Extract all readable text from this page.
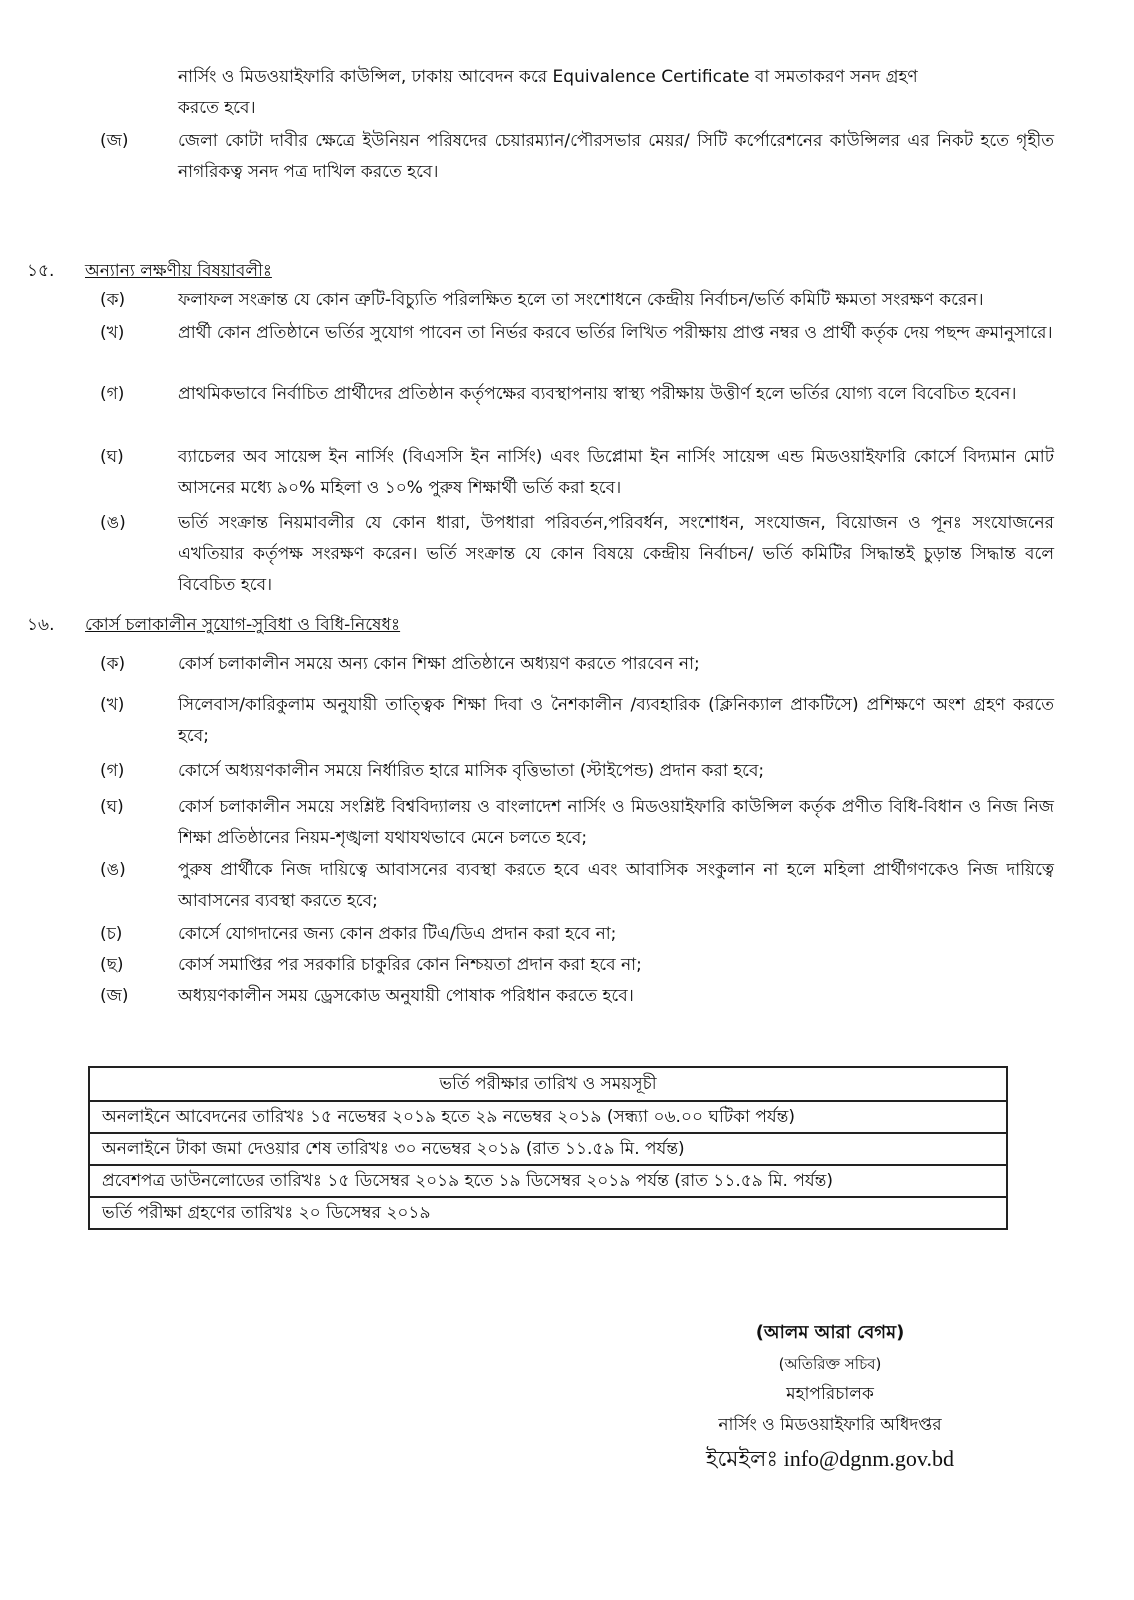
নার্সিং ও মিডওয়াইফারি কাউন্সিল, ঢাকায় আবেদন করে Equivalence Certificate বা সমতাকরণ সনদ গ্রহণ
করতে হবে।
(জ)	জেলা কোটা দাবীর ক্ষেত্রে ইউনিয়ন পরিষদের চেয়ারম্যান/পৌরসভার মেয়র/ সিটি কর্পোরেশনের কাউন্সিলর এর নিকট হতে গৃহীত নাগরিকত্ব সনদ পত্র দাখিল করতে হবে।
১৫. অন্যান্য লক্ষণীয় বিষয়াবলীঃ
(ক)	ফলাফল সংক্রান্ত যে কোন ত্রুটি-বিচ্যুতি পরিলক্ষিত হলে তা সংশোধনে কেন্দ্রীয় নির্বাচন/ভর্তি কমিটি ক্ষমতা সংরক্ষণ করেন।
(খ)	প্রার্থী কোন প্রতিষ্ঠানে ভর্তির সুযোগ পাবেন তা নির্ভর করবে ভর্তির লিখিত পরীক্ষায় প্রাপ্ত নম্বর ও প্রার্থী কর্তৃক দেয় পছন্দ ক্রমানুসারে।
(গ)	প্রাথমিকভাবে নির্বাচিত প্রার্থীদের প্রতিষ্ঠান কর্তৃপক্ষের ব্যবস্থাপনায় স্বাস্থ্য পরীক্ষায় উত্তীর্ণ হলে ভর্তির যোগ্য বলে বিবেচিত হবেন।
(ঘ)	ব্যাচেলর অব সায়েন্স ইন নার্সিং (বিএসসি ইন নার্সিং) এবং ডিপ্লোমা ইন নার্সিং সায়েন্স এন্ড মিডওয়াইফারি কোর্সে বিদ্যমান মোট আসনের মধ্যে ৯০% মহিলা ও ১০% পুরুষ শিক্ষার্থী ভর্তি করা হবে।
(ঙ)	ভর্তি সংক্রান্ত নিয়মাবলীর যে কোন ধারা, উপধারা পরিবর্তন,পরিবর্ধন, সংশোধন, সংযোজন, বিয়োজন ও পূনঃ সংযোজনের এখতিয়ার কর্তৃপক্ষ সংরক্ষণ করেন। ভর্তি সংক্রান্ত যে কোন বিষয়ে কেন্দ্রীয় নির্বাচন/ ভর্তি কমিটির সিদ্ধান্তই চুড়ান্ত সিদ্ধান্ত বলে বিবেচিত হবে।
১৬. কোর্স চলাকালীন সুযোগ-সুবিধা ও বিধি-নিষেধঃ
(ক)	কোর্স চলাকালীন সময়ে অন্য কোন শিক্ষা প্রতিষ্ঠানে অধ্যয়ণ করতে পারবেন না;
(খ)	সিলেবাস/কারিকুলাম অনুযায়ী তাত্ত্বিক শিক্ষা দিবা ও নৈশকালীন /ব্যবহারিক (ক্লিনিক্যাল প্রাকটিসে) প্রশিক্ষণে অংশ গ্রহণ করতে হবে;
(গ)	কোর্সে অধ্যয়ণকালীন সময়ে নির্ধারিত হারে মাসিক বৃত্তিভাতা (স্টাইপেন্ড) প্রদান করা হবে;
(ঘ)	কোর্স চলাকালীন সময়ে সংশ্লিষ্ট বিশ্ববিদ্যালয় ও বাংলাদেশ নার্সিং ও মিডওয়াইফারি কাউন্সিল কর্তৃক প্রণীত বিধি-বিধান ও নিজ নিজ শিক্ষা প্রতিষ্ঠানের নিয়ম-শৃঙ্খলা যথাযথভাবে মেনে চলতে হবে;
(ঙ)	পুরুষ প্রার্থীকে নিজ দায়িত্বে আবাসনের ব্যবস্থা করতে হবে এবং আবাসিক সংকুলান না হলে মহিলা প্রার্থীগণকেও নিজ দায়িত্বে আবাসনের ব্যবস্থা করতে হবে;
(চ)	কোর্সে যোগদানের জন্য কোন প্রকার টিএ/ডিএ প্রদান করা হবে না;
(ছ)	কোর্স সমাপ্তির পর সরকারি চাকুরির কোন নিশ্চয়তা প্রদান করা হবে না;
(জ)	অধ্যয়ণকালীন সময় ড্রেসকোড অনুযায়ী পোষাক পরিধান করতে হবে।
ভর্তি পরীক্ষার তারিখ ও সময়সূচী
অনলাইনে আবেদনের তারিখঃ ১৫ নভেম্বর ২০১৯ হতে ২৯ নভেম্বর ২০১৯ (সন্ধ্যা ০৬.০০ ঘটিকা পর্যন্ত)
অনলাইনে টাকা জমা দেওয়ার শেষ তারিখঃ ৩০ নভেম্বর ২০১৯ (রাত ১১.৫৯ মি. পর্যন্ত)
প্রবেশপত্র ডাউনলোডের তারিখঃ ১৫ ডিসেম্বর ২০১৯ হতে ১৯ ডিসেম্বর ২০১৯ পর্যন্ত (রাত ১১.৫৯ মি. পর্যন্ত)
ভর্তি পরীক্ষা গ্রহণের তারিখঃ ২০ ডিসেম্বর ২০১৯
(আলম আরা বেগম)
(অতিরিক্ত সচিব)
মহাপরিচালক
নার্সিং ও মিডওয়াইফারি অধিদপ্তর
ইমেইলঃ info@dgnm.gov.bd
